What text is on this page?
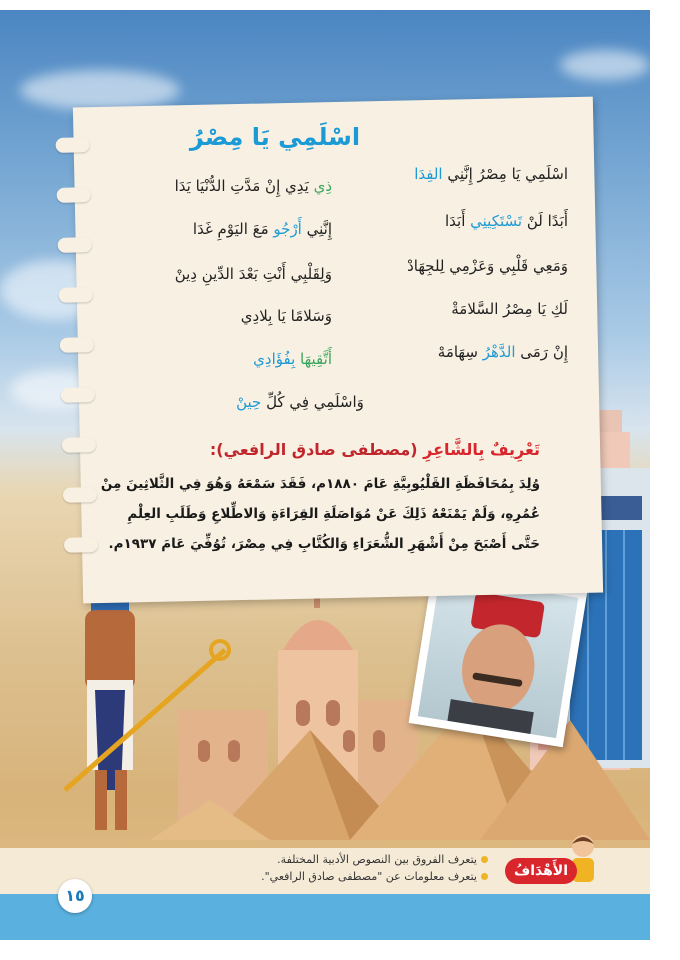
اسْلَمِي يَا مِصْرُ
اسْلَمِي يَا مِصْرُ إِنَّنِي الفِدَا
ذِي يَدِي إِنْ مَدَّتِ الدُّنْيَا يَدَا
أَبَدًا لَنْ تَسْتَكِينِي أَبَدَا
إِنَّنِي أَرْجُو مَعَ اليَوْمِ غَدَا
وَمَعِي قَلْبِي وَعَزْمِي لِلجِهَادْ
وَلِقَلْبِي أَنْتِ بَعْدَ الدِّينِ دِينْ
لَكِ يَا مِصْرُ السَّلامَةْ
وَسَلامًا يَا بِلادِي
إِنْ رَمَى الدَّهْرُ سِهَامَهْ
أَتَّقِيهَا بِفُؤَادِي
وَاسْلَمِي فِي كُلِّ حِينْ
تَعْرِيفٌ بِالشَّاعِرِ (مصطفى صادق الرافعي):
وُلِدَ بِمُحَافَظَةِ القَلْيُوبِيَّةِ عَامَ ١٨٨٠م، فَقَدَ سَمْعَهُ وَهُوَ فِي الثَّلاثِينَ مِنْ
عُمُرِهِ، وَلَمْ يَمْنَعْهُ ذَلِكَ عَنْ مُوَاصَلَةِ القِرَاءَةِ وَالاطِّلاعِ وَطَلَبِ العِلْمِ
حَتَّى أَصْبَحَ مِنْ أَشْهَرِ الشُّعَرَاءِ وَالكُتَّابِ فِي مِصْرَ، تُوُفِّيَ عَامَ ١٩٣٧م.
١٥
الأَهْدَافُ
يتعرف الفروق بين النصوص الأدبية المختلفة.
يتعرف معلومات عن "مصطفى صادق الرافعي".
